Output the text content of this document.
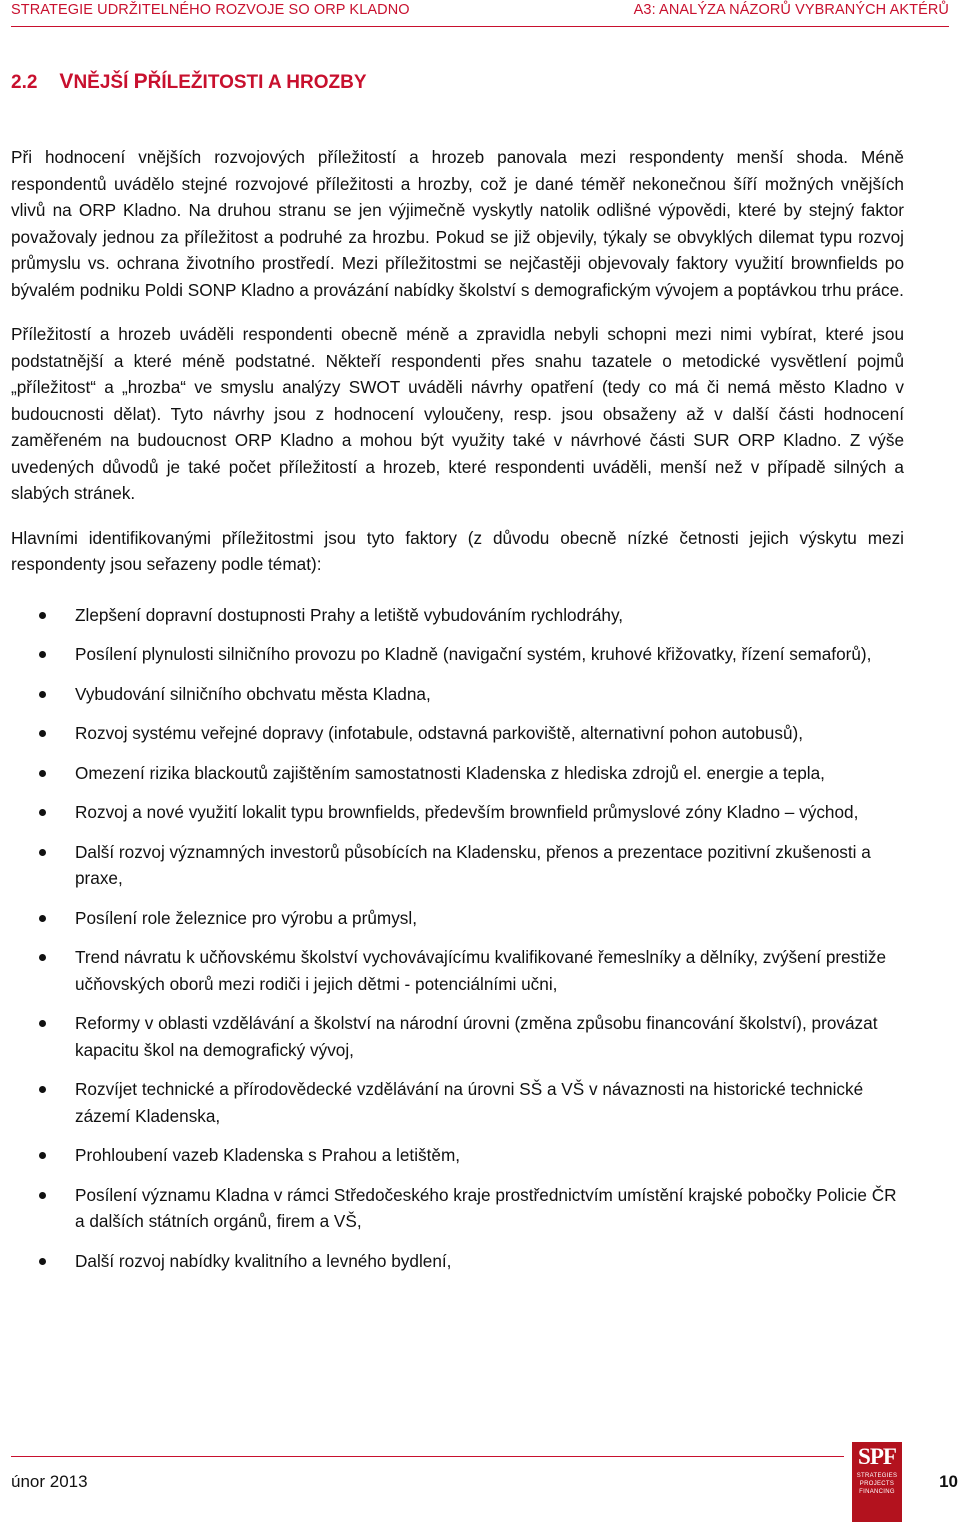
STRATEGIE UDRŽITELNÉHO ROZVOJE SO ORP KLADNO	A3: ANALÝZA NÁZORŮ VYBRANÝCH AKTÉRŮ
2.2 VNĚJŠÍ PŘÍLEŽITOSTI A HROZBY

Při hodnocení vnějších rozvojových příležitostí a hrozeb panovala mezi respondenty menší shoda. Méně respondentů uvádělo stejné rozvojové příležitosti a hrozby, což je dané téměř nekonečnou šíří možných vnějších vlivů na ORP Kladno. Na druhou stranu se jen výjimečně vyskytly natolik odlišné výpovědi, které by stejný faktor považovaly jednou za příležitost a podruhé za hrozbu. Pokud se již objevily, týkaly se obvyklých dilemat typu rozvoj průmyslu vs. ochrana životního prostředí. Mezi příležitostmi se nejčastěji objevovaly faktory využití brownfields po bývalém podniku Poldi SONP Kladno a provázání nabídky školství s demografickým vývojem a poptávkou trhu práce.

Příležitostí a hrozeb uváděli respondenti obecně méně a zpravidla nebyli schopni mezi nimi vybírat, které jsou podstatnější a které méně podstatné. Někteří respondenti přes snahu tazatele o metodické vysvětlení pojmů „příležitost“ a „hrozba“ ve smyslu analýzy SWOT uváděli návrhy opatření (tedy co má či nemá město Kladno v budoucnosti dělat). Tyto návrhy jsou z hodnocení vyloučeny, resp. jsou obsaženy až v další části hodnocení zaměřeném na budoucnost ORP Kladno a mohou být využity také v návrhové části SUR ORP Kladno. Z výše uvedených důvodů je také počet příležitostí a hrozeb, které respondenti uváděli, menší než v případě silných a slabých stránek.

Hlavními identifikovanými příležitostmi jsou tyto faktory (z důvodu obecně nízké četnosti jejich výskytu mezi respondenty jsou seřazeny podle témat):

Zlepšení dopravní dostupnosti Prahy a letiště vybudováním rychlodráhy,
Posílení plynulosti silničního provozu po Kladně (navigační systém, kruhové křižovatky, řízení semaforů),
Vybudování silničního obchvatu města Kladna,
Rozvoj systému veřejné dopravy (infotabule, odstavná parkoviště, alternativní pohon autobusů),
Omezení rizika blackoutů zajištěním samostatnosti Kladenska z hlediska zdrojů el. energie a tepla,
Rozvoj a nové využití lokalit typu brownfields, především brownfield průmyslové zóny Kladno – východ,
Další rozvoj významných investorů působících na Kladensku, přenos a prezentace pozitivní zkušenosti a praxe,
Posílení role železnice pro výrobu a průmysl,
Trend návratu k učňovskému školství vychovávajícímu kvalifikované řemeslníky a dělníky, zvýšení prestiže učňovských oborů mezi rodiči i jejich dětmi - potenciálními učni,
Reformy v oblasti vzdělávání a školství na národní úrovni (změna způsobu financování školství), provázat kapacitu škol na demografický vývoj,
Rozvíjet technické a přírodovědecké vzdělávání na úrovni SŠ a VŠ v návaznosti na historické technické zázemí Kladenska,
Prohloubení vazeb Kladenska s Prahou a letištěm,
Posílení významu Kladna v rámci Středočeského kraje prostřednictvím umístění krajské pobočky Policie ČR a dalších státních orgánů, firem a VŠ,
Další rozvoj nabídky kvalitního a levného bydlení,
únor 2013
SPF
STRATEGIES
PROJECTS
FINANCING
10
